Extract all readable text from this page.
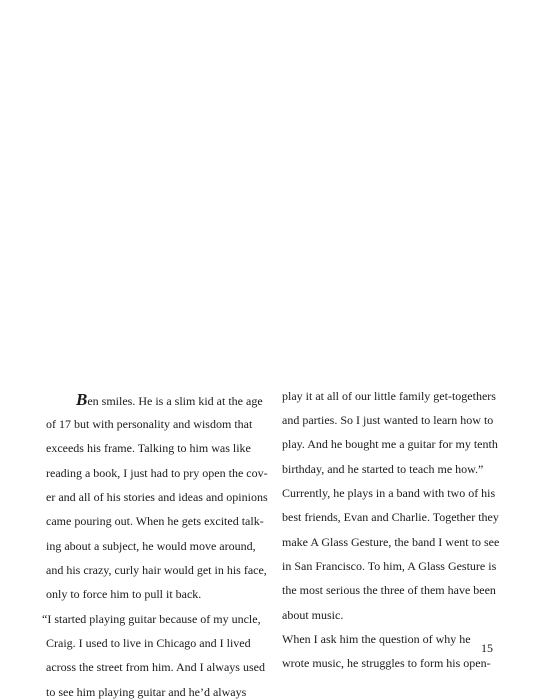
Ben smiles. He is a slim kid at the age
of 17 but with personality and wisdom that
exceeds his frame. Talking to him was like
reading a book, I just had to pry open the cov-
er and all of his stories and ideas and opinions
came pouring out. When he gets excited talk-
ing about a subject, he would move around,
and his crazy, curly hair would get in his face,
only to force him to pull it back.
“I started playing guitar because of my uncle,
Craig. I used to live in Chicago and I lived
across the street from him. And I always used
to see him playing guitar and he’d always
play it at all of our little family get-togethers
and parties. So I just wanted to learn how to
play. And he bought me a guitar for my tenth
birthday, and he started to teach me how.”
Currently, he plays in a band with two of his
best friends, Evan and Charlie. Together they
make A Glass Gesture, the band I went to see
in San Francisco. To him, A Glass Gesture is
the most serious the three of them have been
about music.
When I ask him the question of why he
wrote music, he struggles to form his open-
15
